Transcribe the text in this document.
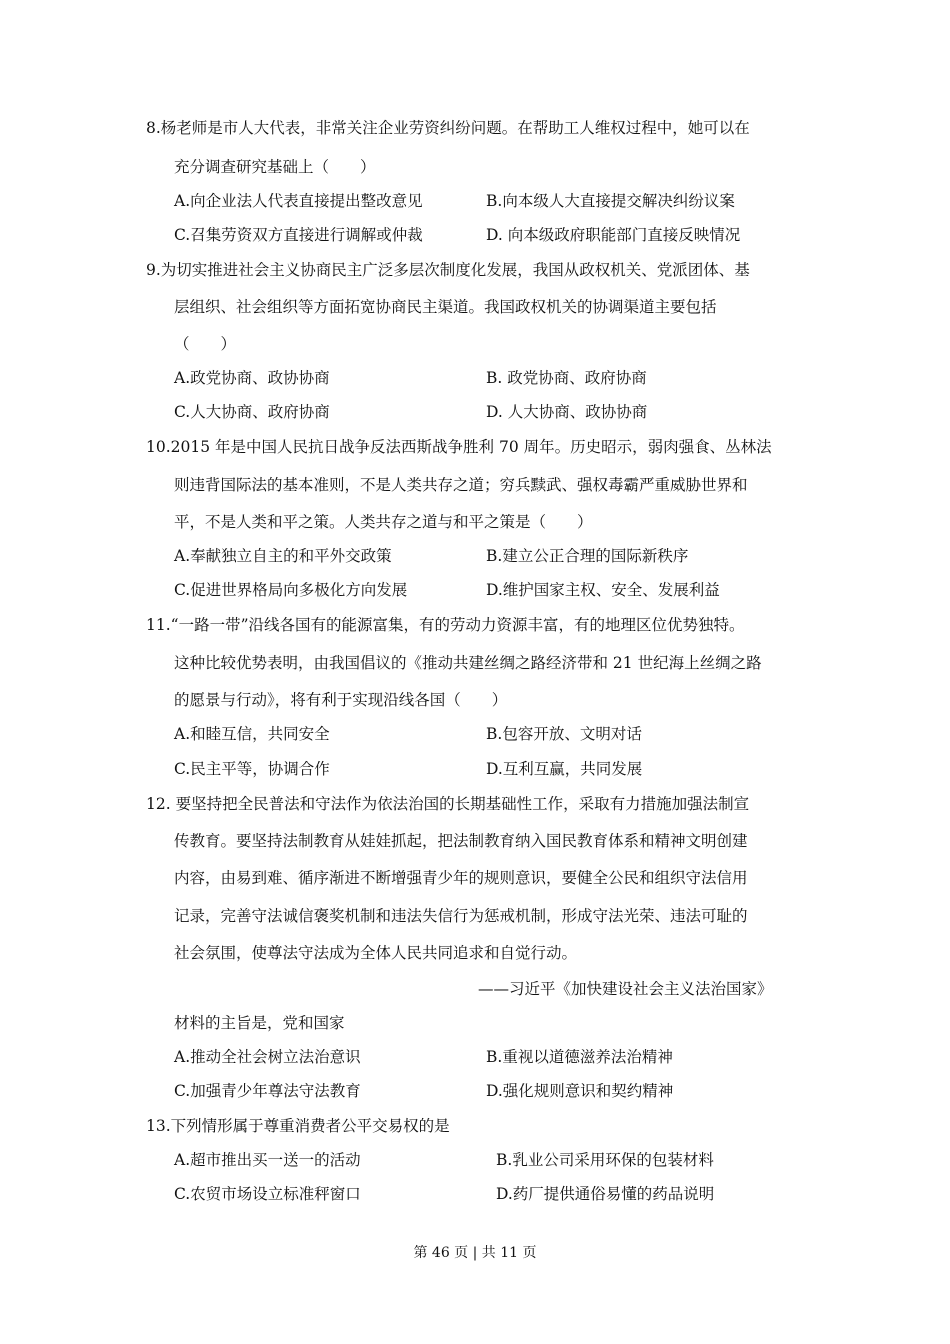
8.杨老师是市人大代表，非常关注企业劳资纠纷问题。在帮助工人维权过程中，她可以在
充分调查研究基础上（　　）
A.向企业法人代表直接提出整改意见	B.向本级人大直接提交解决纠纷议案
C.召集劳资双方直接进行调解或仲裁	D. 向本级政府职能部门直接反映情况
9.为切实推进社会主义协商民主广泛多层次制度化发展，我国从政权机关、党派团体、基
层组织、社会组织等方面拓宽协商民主渠道。我国政权机关的协调渠道主要包括
（　　）
A.政党协商、政协协商	B. 政党协商、政府协商
C.人大协商、政府协商	D. 人大协商、政协协商
10.2015 年是中国人民抗日战争反法西斯战争胜利 70 周年。历史昭示，弱肉强食、丛林法
则违背国际法的基本准则，不是人类共存之道；穷兵黩武、强权毒霸严重威胁世界和
平，不是人类和平之策。人类共存之道与和平之策是（　　）
A.奉献独立自主的和平外交政策	B.建立公正合理的国际新秩序
C.促进世界格局向多极化方向发展	D.维护国家主权、安全、发展利益
11.“一路一带”沿线各国有的能源富集，有的劳动力资源丰富，有的地理区位优势独特。
这种比较优势表明，由我国倡议的《推动共建丝绸之路经济带和 21 世纪海上丝绸之路
的愿景与行动》，将有利于实现沿线各国（　　）
A.和睦互信，共同安全	B.包容开放、文明对话
C.民主平等，协调合作	D.互利互赢，共同发展
12. 要坚持把全民普法和守法作为依法治国的长期基础性工作，采取有力措施加强法制宣
传教育。要坚持法制教育从娃娃抓起，把法制教育纳入国民教育体系和精神文明创建
内容，由易到难、循序渐进不断增强青少年的规则意识，要健全公民和组织守法信用
记录，完善守法诚信褒奖机制和违法失信行为惩戒机制，形成守法光荣、违法可耻的
社会氛围，使尊法守法成为全体人民共同追求和自觉行动。
——习近平《加快建设社会主义法治国家》
材料的主旨是，党和国家
A.推动全社会树立法治意识	B.重视以道德滋养法治精神
C.加强青少年尊法守法教育	D.强化规则意识和契约精神
13.下列情形属于尊重消费者公平交易权的是
A.超市推出买一送一的活动	B.乳业公司采用环保的包装材料
C.农贸市场设立标准秤窗口	D.药厂提供通俗易懂的药品说明
第 46 页 | 共 11 页
